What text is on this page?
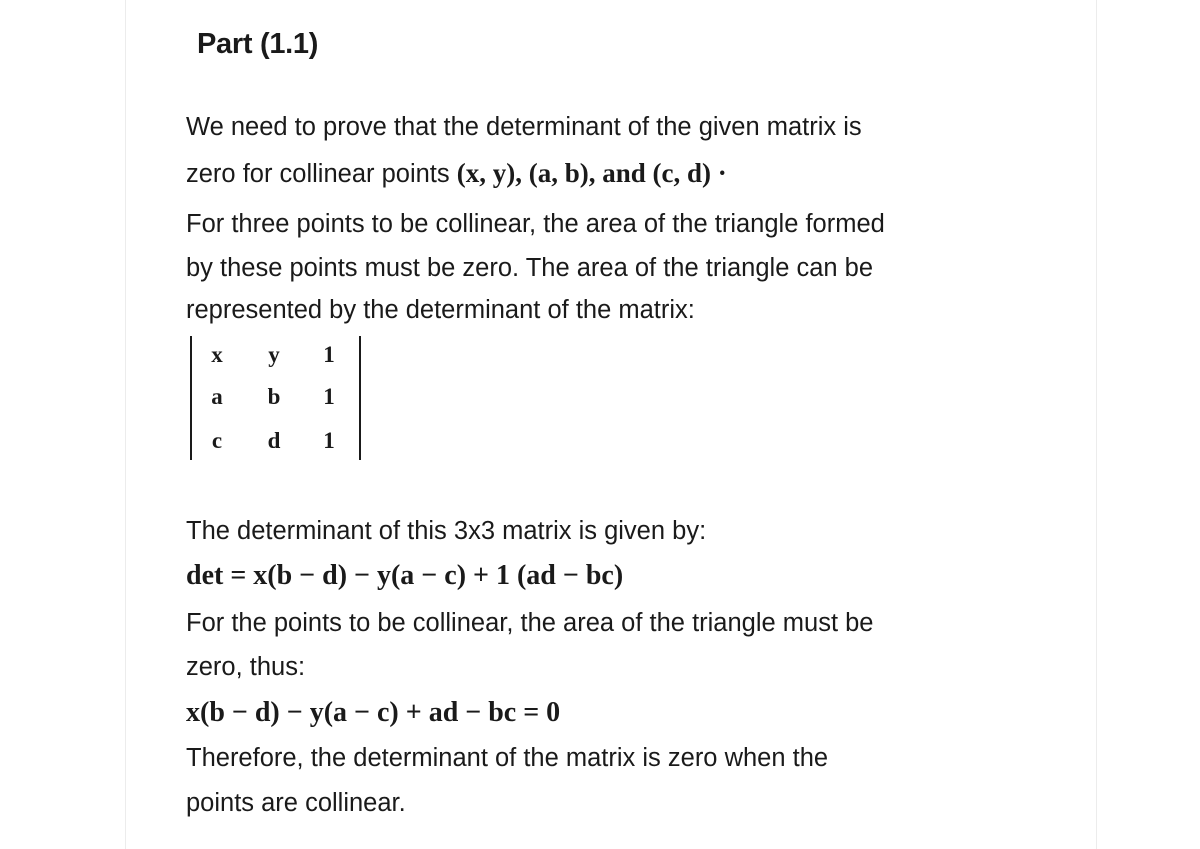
Part (1.1)

We need to prove that the determinant of the given matrix is

zero for collinear points (x, y), (a, b), and (c, d) ·

For three points to be collinear, the area of the triangle formed

by these points must be zero. The area of the triangle can be

represented by the determinant of the matrix:

x	y	1
a	b	1
c	d	1

The determinant of this 3x3 matrix is given by:

det = x(b − d) − y(a − c) + 1 (ad − bc)

For the points to be collinear, the area of the triangle must be

zero, thus:

x(b − d) − y(a − c) + ad − bc = 0

Therefore, the determinant of the matrix is zero when the

points are collinear.
